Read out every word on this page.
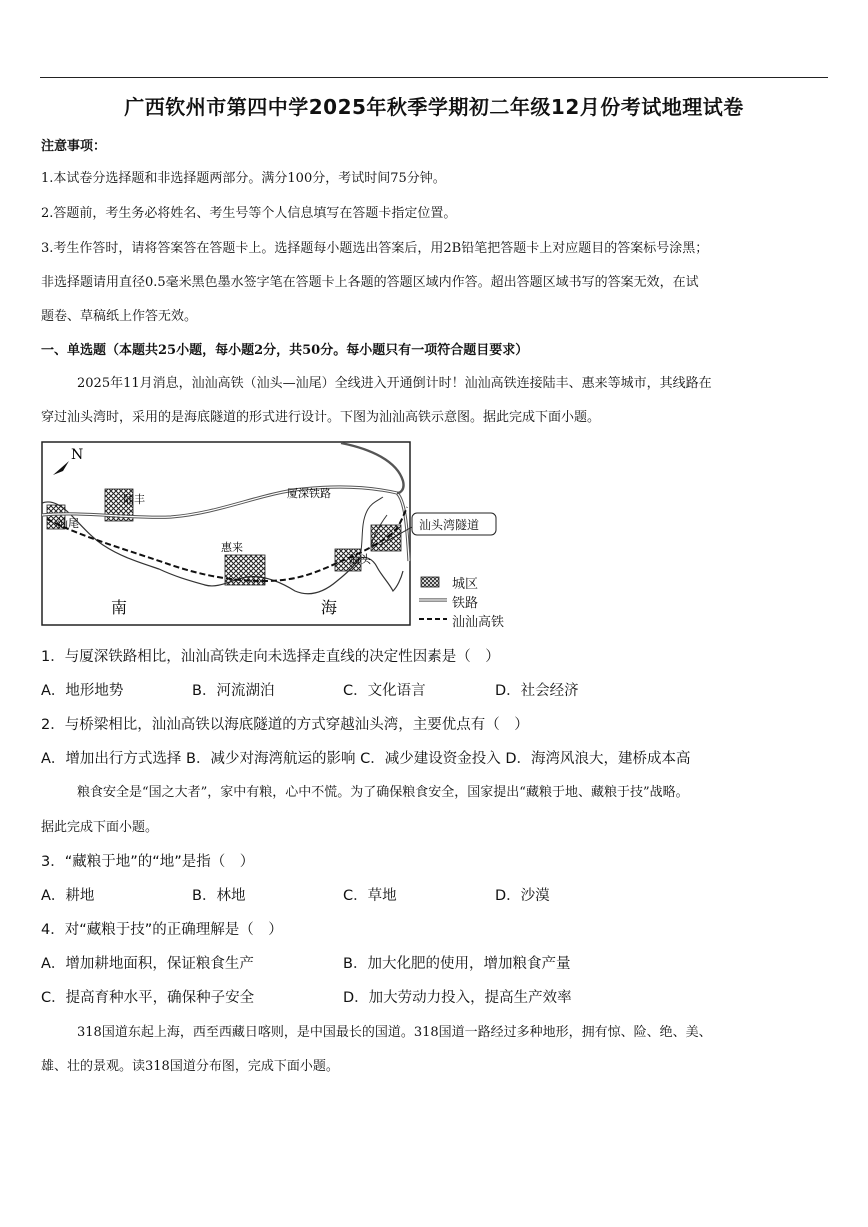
广西钦州市第四中学2025年秋季学期初二年级12月份考试地理试卷
注意事项：
1.本试卷分选择题和非选择题两部分。满分100分，考试时间75分钟。
2.答题前，考生务必将姓名、考生号等个人信息填写在答题卡指定位置。
3.考生作答时，请将答案答在答题卡上。选择题每小题选出答案后，用2B铅笔把答题卡上对应题目的答案标号涂黑；
非选择题请用直径0.5毫米黑色墨水签字笔在答题卡上各题的答题区域内作答。超出答题区域书写的答案无效，在试
题卷、草稿纸上作答无效。
一、单选题（本题共25小题，每小题2分，共50分。每小题只有一项符合题目要求）
2025年11月消息，汕汕高铁（汕头—汕尾）全线进入开通倒计时！汕汕高铁连接陆丰、惠来等城市，其线路在
穿过汕头湾时，采用的是海底隧道的形式进行设计。下图为汕汕高铁示意图。据此完成下面小题。
N
陆丰
汕尾
惠来
汕头
厦深铁路
南	海
汕头湾隧道
城区
铁路
汕汕高铁
1．与厦深铁路相比，汕汕高铁走向未选择走直线的决定性因素是（　）
A．地形地势	B．河流湖泊	C．文化语言	D．社会经济
2．与桥梁相比，汕汕高铁以海底隧道的方式穿越汕头湾，主要优点有（　）
A．增加出行方式选择 B．减少对海湾航运的影响 C．减少建设资金投入 D．海湾风浪大，建桥成本高
粮食安全是“国之大者”，家中有粮，心中不慌。为了确保粮食安全，国家提出“藏粮于地、藏粮于技”战略。
据此完成下面小题。
3．“藏粮于地”的“地”是指（　）
A．耕地	B．林地	C．草地	D．沙漠
4．对“藏粮于技”的正确理解是（　）
A．增加耕地面积，保证粮食生产	B．加大化肥的使用，增加粮食产量
C．提高育种水平，确保种子安全	D．加大劳动力投入，提高生产效率
318国道东起上海，西至西藏日喀则，是中国最长的国道。318国道一路经过多种地形，拥有惊、险、绝、美、
雄、壮的景观。读318国道分布图，完成下面小题。
